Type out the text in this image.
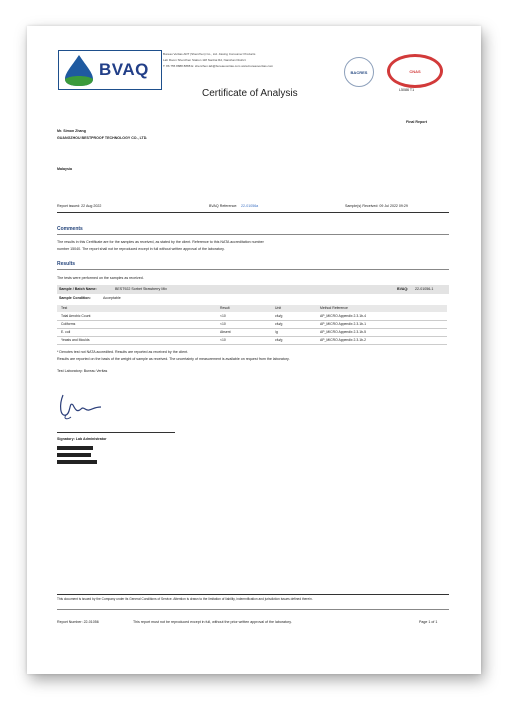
BVAQ
Bureau Veritas ADT (Shenzhen) Co., Ltd. Jiaxing Consumer Products
Lab Room Shenzhen Station 118 Nanhai Rd, Nanshan District
T: 86 755 8888 8888 E: shenzhen.lab@bureauveritas.com www.bureauveritas.com
BACRES	CNAS
L5086 T1
Certificate of Analysis
Final Report
Mr. Simon Zhang
GUANGZHOU BESTPROOF TECHNOLOGY CO., LTD.
Malaysia
Report issued: 22 Aug 2022	BVAQ Reference: 22-01056a	Sample(s) Received: 09 Jul 2022 09:29
Comments
The results in this Certificate are for the samples as received, as stated by the client. Reference to this NATA accreditation number
number 15040. The report shall not be reproduced except in full without written approval of the laboratory.
Results
The tests were performed on the samples as received.
Sample / Batch Name:	BEST922 Sorbet Strawberry Mix	BVAQ: 22-01056-1
Sample Condition:	Acceptable
Test	Result	Unit	Method Reference
Total Aerobic Count	<10	cfu/g	AP_MICRO Appendix 2.3.1b-4
Coliforms	<10	cfu/g	AP_MICRO Appendix 2.3.1b-1
E. coli	Absent	/g	AP_MICRO Appendix 2.3.1b-5
Yeasts and Moulds	<10	cfu/g	AP_MICRO Appendix 2.3.1b-2
* Denotes test not NATA accredited. Results are reported as received by the client.
Results are reported on the basis of the weight of sample as received. The uncertainty of measurement is available on request from the laboratory.
Test Laboratory: Bureau Veritas
Signatory: Lab Administrator
This document is issued by the Company under its General Conditions of Service. Attention is drawn to the limitation of liability, indemnification and jurisdiction issues defined therein.
Report Number: 22-01056	This report must not be reproduced except in full, without the prior written approval of the laboratory.	Page 1 of 1
